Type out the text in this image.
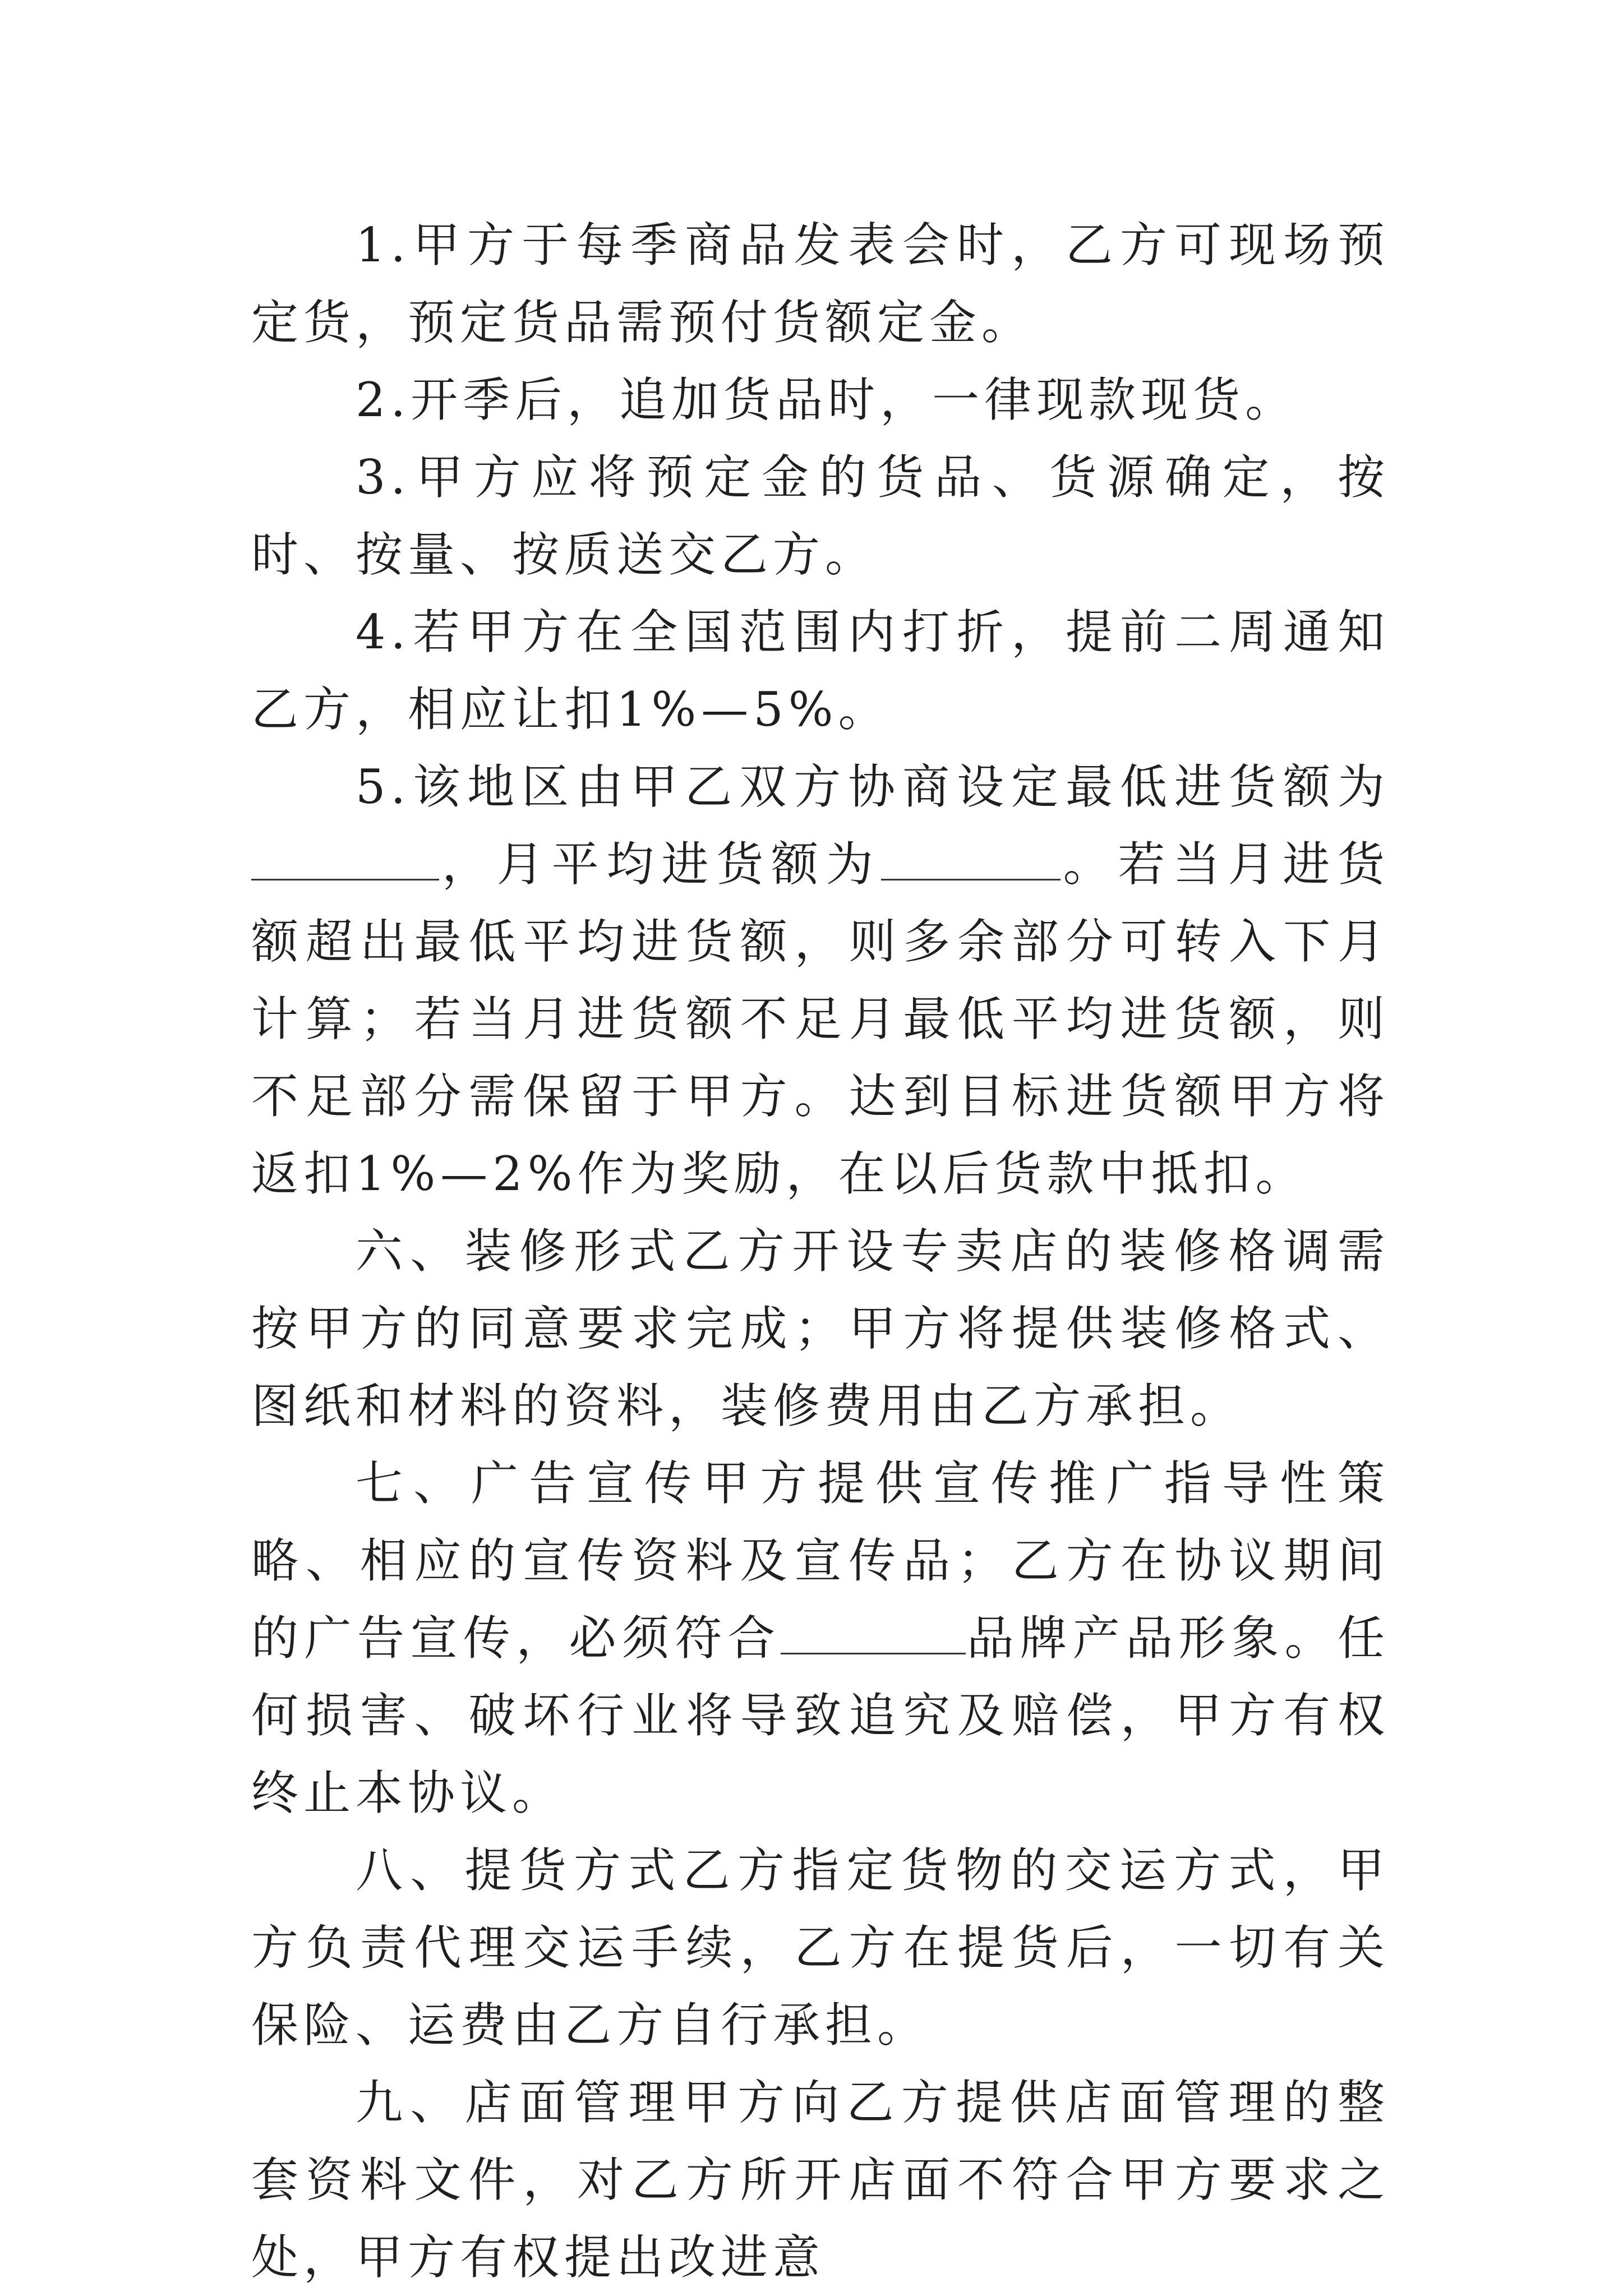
1.甲方于每季商品发表会时，乙方可现场预定货，预定货品需预付货额定金。

2.开季后，追加货品时，一律现款现货。

3.甲方应将预定金的货品、货源确定，按时、按量、按质送交乙方。

4.若甲方在全国范围内打折，提前二周通知乙方，相应让扣1%—5%。

5.该地区由甲乙双方协商设定最低进货额为，月平均进货额为	。若当月进货额超出最低平均进货额，则多余部分可转入下月计算；若当月进货额不足月最低平均进货额，则不足部分需保留于甲方。达到目标进货额甲方将返扣1%—2%作为奖励，在以后货款中抵扣。

六、装修形式乙方开设专卖店的装修格调需按甲方的同意要求完成；甲方将提供装修格式、图纸和材料的资料，装修费用由乙方承担。

七、广告宣传甲方提供宣传推广指导性策略、相应的宣传资料及宣传品；乙方在协议期间的广告宣传，必须符合	品牌产品形象。任何损害、破坏行业将导致追究及赔偿，甲方有权终止本协议。

八、提货方式乙方指定货物的交运方式，甲方负责代理交运手续，乙方在提货后，一切有关保险、运费由乙方自行承担。

九、店面管理甲方向乙方提供店面管理的整套资料文件，对乙方所开店面不符合甲方要求之处，甲方有权提出改进意
